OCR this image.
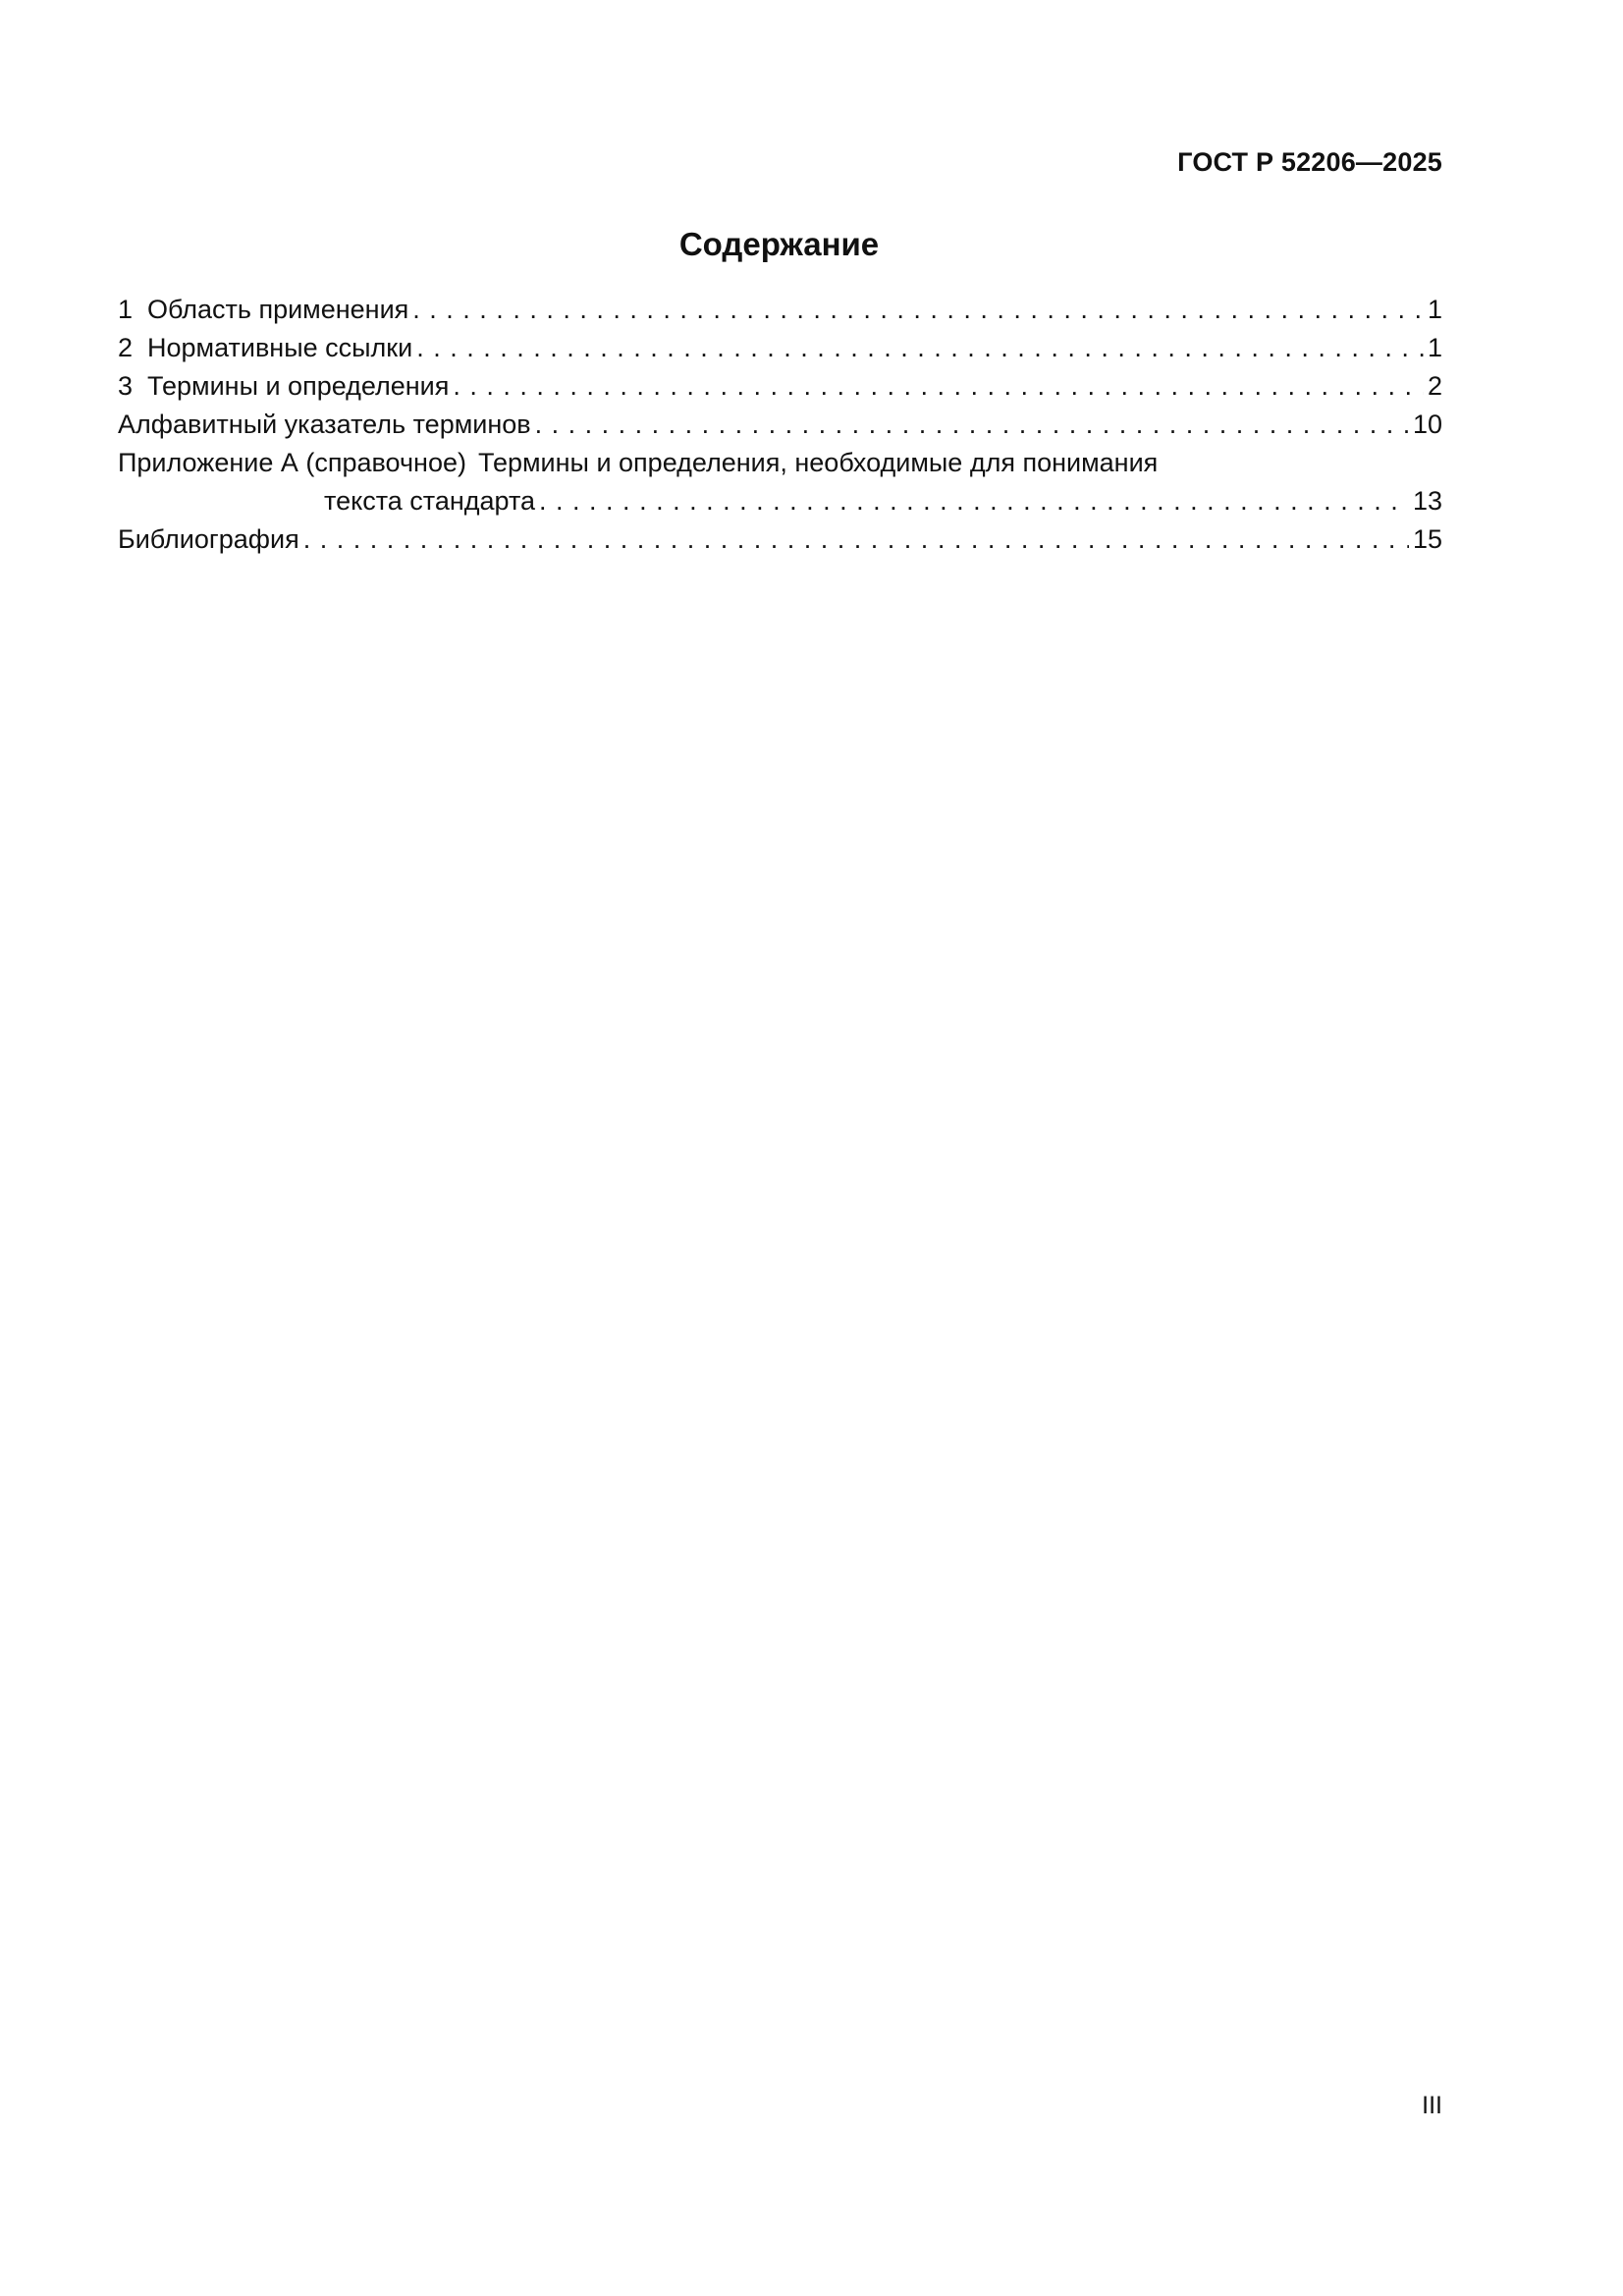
ГОСТ Р 52206—2025
Содержание
1 Область применения . . .	1
2 Нормативные ссылки . . .	1
3 Термины и определения . . .	2
Алфавитный указатель терминов . . .	10
Приложение А (справочное) Термины и определения, необходимые для понимания
текста стандарта . . .	13
Библиография . . .	15
III
